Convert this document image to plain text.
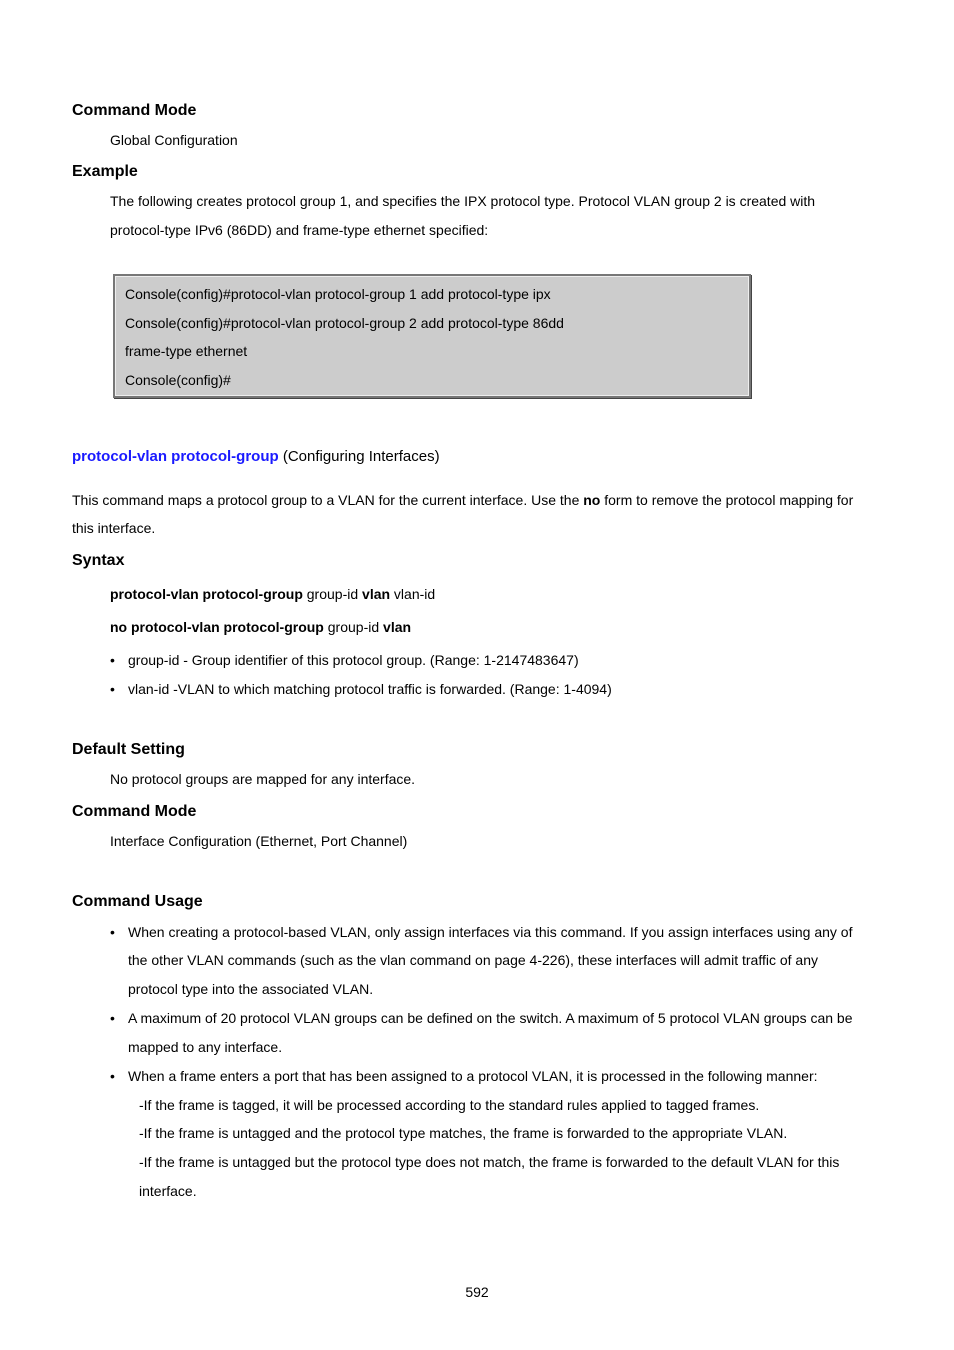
Command Mode
Global Configuration
Example
The following creates protocol group 1, and specifies the IPX protocol type. Protocol VLAN group 2 is created with
protocol-type IPv6 (86DD) and frame-type ethernet specified:
Console(config)#protocol-vlan protocol-group 1 add protocol-type ipx
Console(config)#protocol-vlan protocol-group 2 add protocol-type 86dd
frame-type ethernet
Console(config)#
protocol-vlan protocol-group (Configuring Interfaces)
This command maps a protocol group to a VLAN for the current interface. Use the no form to remove the protocol mapping for
this interface.
Syntax
protocol-vlan protocol-group group-id vlan vlan-id
no protocol-vlan protocol-group group-id vlan
• group-id - Group identifier of this protocol group. (Range: 1-2147483647)
• vlan-id -VLAN to which matching protocol traffic is forwarded. (Range: 1-4094)
Default Setting
No protocol groups are mapped for any interface.
Command Mode
Interface Configuration (Ethernet, Port Channel)
Command Usage
• When creating a protocol-based VLAN, only assign interfaces via this command. If you assign interfaces using any of
the other VLAN commands (such as the vlan command on page 4-226), these interfaces will admit traffic of any
protocol type into the associated VLAN.
• A maximum of 20 protocol VLAN groups can be defined on the switch. A maximum of 5 protocol VLAN groups can be
mapped to any interface.
• When a frame enters a port that has been assigned to a protocol VLAN, it is processed in the following manner:
-If the frame is tagged, it will be processed according to the standard rules applied to tagged frames.
-If the frame is untagged and the protocol type matches, the frame is forwarded to the appropriate VLAN.
-If the frame is untagged but the protocol type does not match, the frame is forwarded to the default VLAN for this
interface.
592
